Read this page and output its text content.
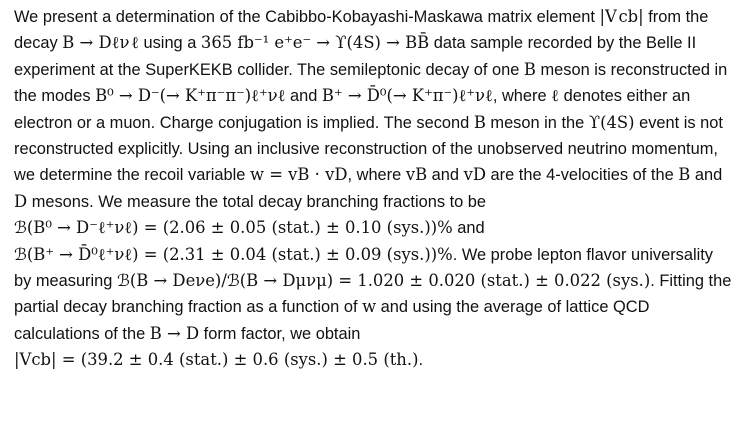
We present a determination of the Cabibbo-Kobayashi-Maskawa matrix element |V cb| from the decay B → Dℓν ℓ using a 365 fb⁻¹ e⁺e⁻ → ϒ(4S) → BB̄ data sample recorded by the Belle II experiment at the SuperKEKB collider. The semileptonic decay of one B meson is reconstructed in the modes B⁰ → D⁻(→ K⁺π⁻π⁻)ℓ⁺νℓ and B⁺ → D̄⁰(→ K⁺π⁻)ℓ⁺νℓ, where ℓ denotes either an electron or a muon. Charge conjugation is implied. The second B meson in the ϒ(4S) event is not reconstructed explicitly. Using an inclusive reconstruction of the unobserved neutrino momentum, we determine the recoil variable w = vB · vD, where vB and vD are the 4-velocities of the B and D mesons. We measure the total decay branching fractions to be ℬ(B⁰ → D⁻ℓ⁺νℓ) = (2.06 ± 0.05 (stat.) ± 0.10 (sys.))% and ℬ(B⁺ → D̄⁰ℓ⁺νℓ) = (2.31 ± 0.04 (stat.) ± 0.09 (sys.))%. We probe lepton flavor universality by measuring ℬ(B → Deνe)/ℬ(B → Dμνμ) = 1.020 ± 0.020 (stat.) ± 0.022 (sys.). Fitting the partial decay branching fraction as a function of w and using the average of lattice QCD calculations of the B → D form factor, we obtain |Vcb| = (39.2 ± 0.4 (stat.) ± 0.6 (sys.) ± 0.5 (th.).
